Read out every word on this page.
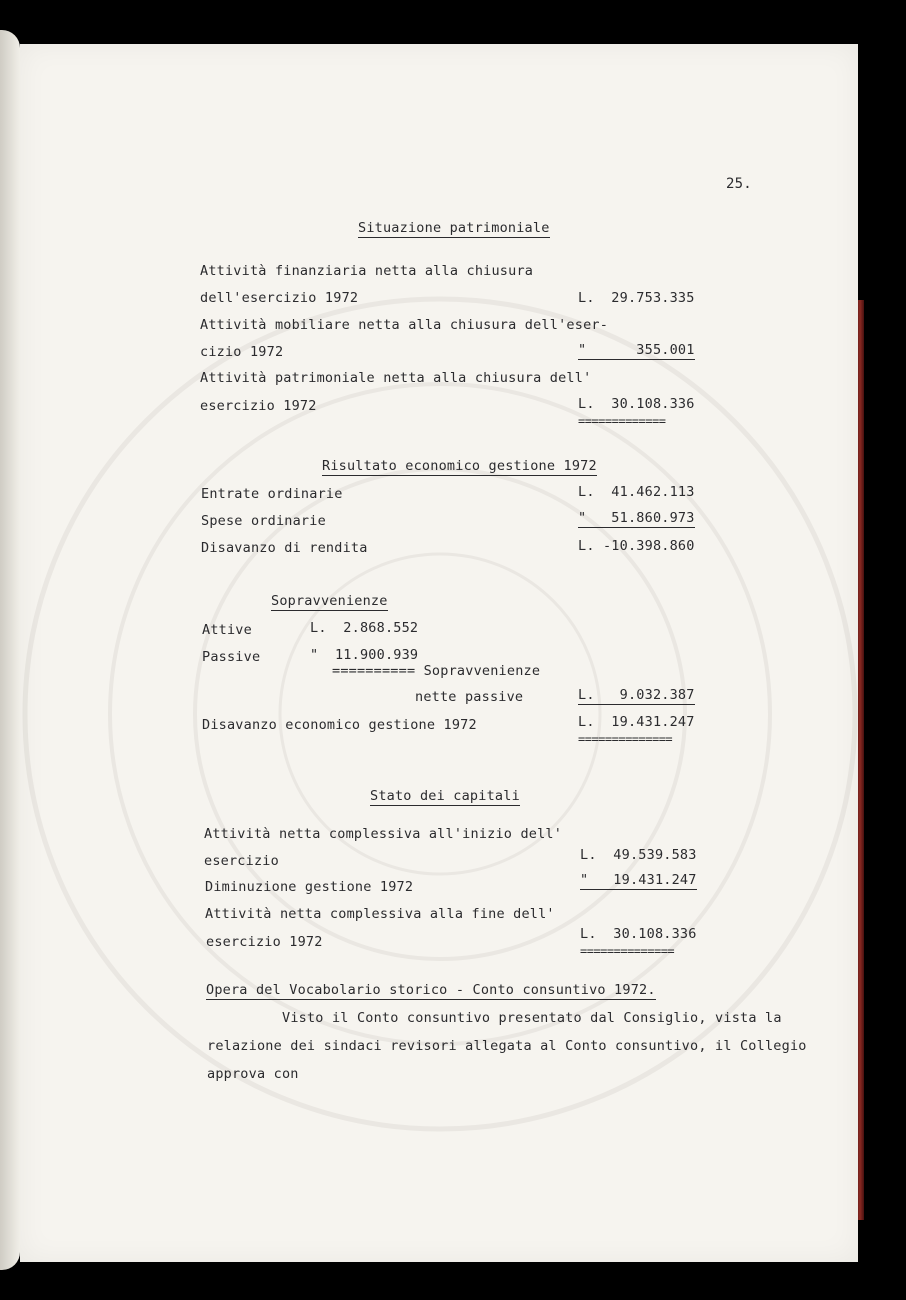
25.
Situazione patrimoniale
Attività finanziaria netta alla chiusura
dell'esercizio 1972	L.  29.753.335
Attività mobiliare netta alla chiusura dell'eser-
cizio 1972	"      355.001
Attività patrimoniale netta alla chiusura dell'
esercizio 1972	L.  30.108.336
=============
Risultato economico gestione 1972
Entrate ordinarie	L.  41.462.113
Spese ordinarie	"   51.860.973
Disavanzo di rendita	L. -10.398.860
Sopravvenienze
Attive	L.  2.868.552
Passive	"  11.900.939
========== Sopravvenienze
nette passive	L.   9.032.387
Disavanzo economico gestione 1972	L.  19.431.247
==============
Stato dei capitali
Attività netta complessiva all'inizio dell'
esercizio	L.  49.539.583
Diminuzione gestione 1972	"   19.431.247
Attività netta complessiva alla fine dell'
esercizio 1972	L.  30.108.336
==============
Opera del Vocabolario storico - Conto consuntivo 1972.
Visto il Conto consuntivo presentato dal Consiglio, vista la
relazione dei sindaci revisori allegata al Conto consuntivo, il Collegio
approva con
